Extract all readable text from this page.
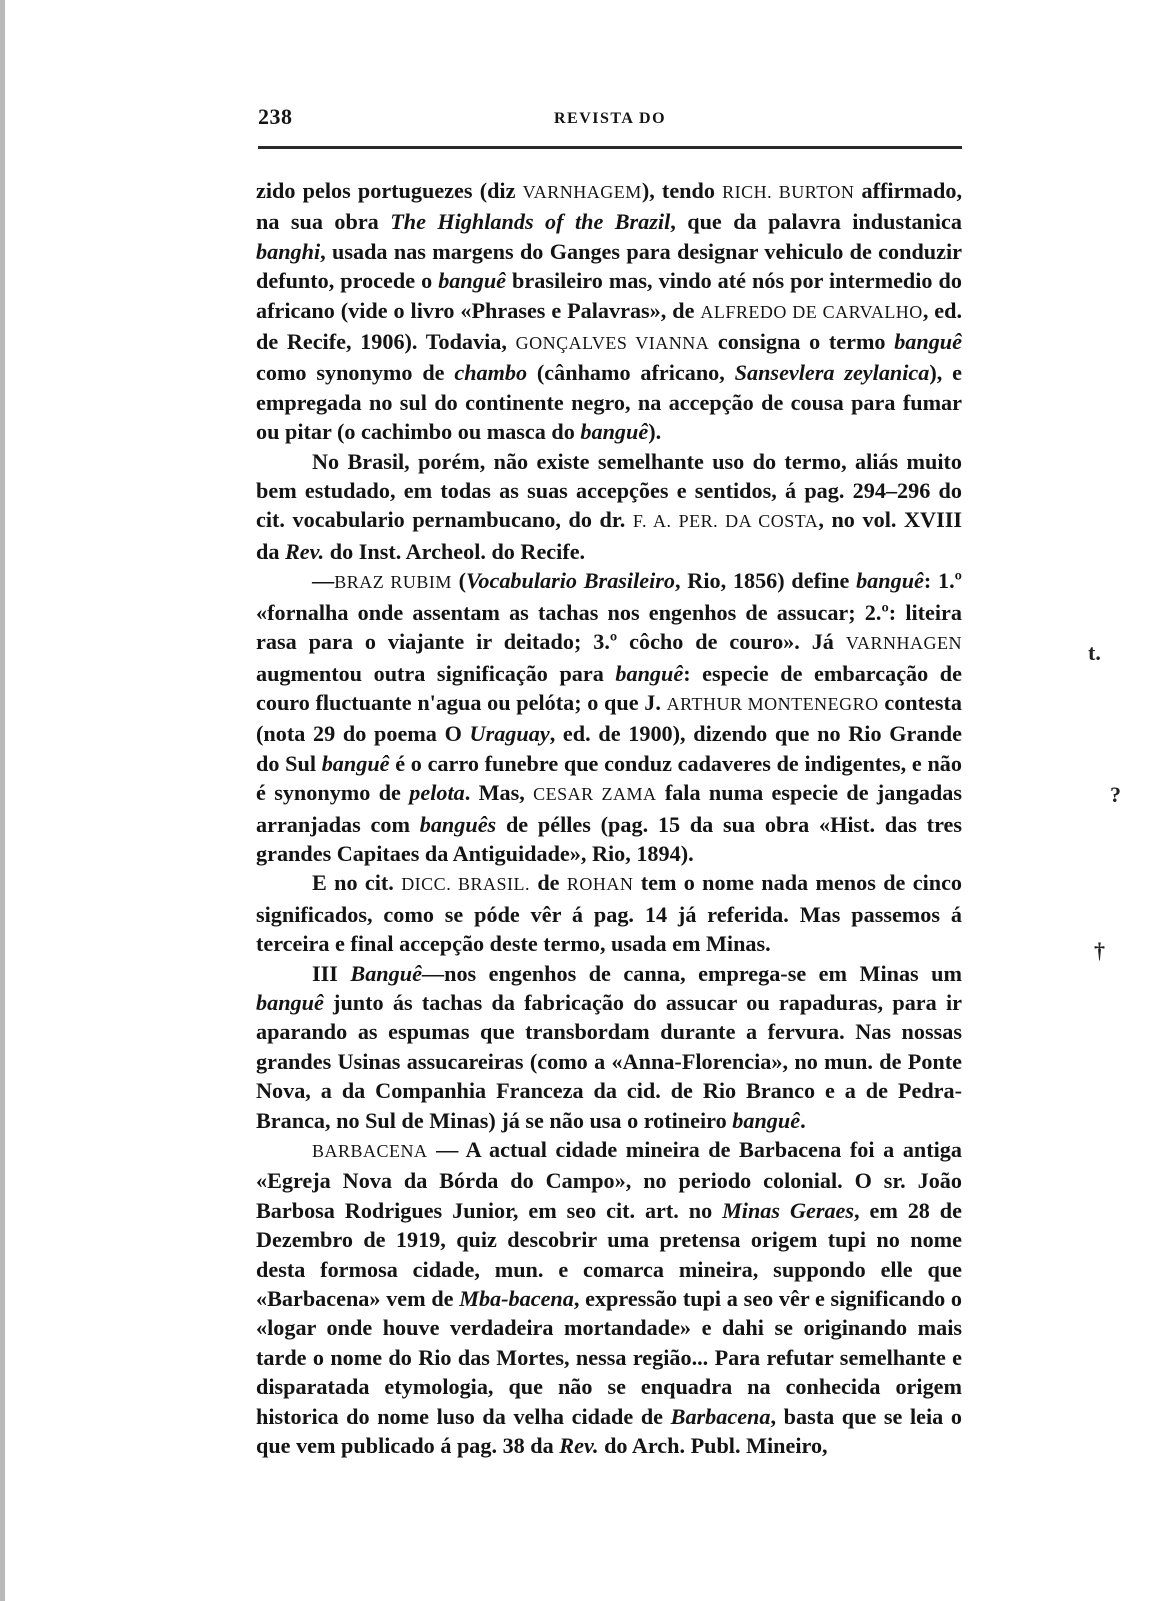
238	REVISTA DO

zido pelos portuguezes (diz VARNHAGEM), tendo RICH. BURTON affirmado, na sua obra The Highlands of the Brazil, que da palavra industanica banghi, usada nas margens do Ganges para designar vehiculo de conduzir defunto, procede o banguê brasileiro mas, vindo até nós por intermedio do africano (vide o livro «Phrases e Palavras», de ALFREDO DE CARVALHO, ed. de Recife, 1906). Todavia, GONÇALVES VIANNA consigna o termo banguê como synonymo de chambo (cânhamo africano, Sansevlera zeylanica), e empregada no sul do continente negro, na accepção de cousa para fumar ou pitar (o cachimbo ou masca do banguê).

No Brasil, porém, não existe semelhante uso do termo, aliás muito bem estudado, em todas as suas accepções e sentidos, á pag. 294–296 do cit. vocabulario pernambucano, do dr. F. A. PER. DA COSTA, no vol. XVIII da Rev. do Inst. Archeol. do Recife.

—BRAZ RUBIM (Vocabulario Brasileiro, Rio, 1856) define banguê: 1.º «fornalha onde assentam as tachas nos engenhos de assucar; 2.º: liteira rasa para o viajante ir deitado; 3.º côcho de couro». Já VARNHAGEN augmentou outra significação para banguê: especie de embarcação de couro fluctuante n'agua ou pelóta; o que J. ARTHUR MONTENEGRO contesta (nota 29 do poema O Uraguay, ed. de 1900), dizendo que no Rio Grande do Sul banguê é o carro funebre que conduz cadaveres de indigentes, e não é synonymo de pelota. Mas, CESAR ZAMA fala numa especie de jangadas arranjadas com banguês de pélles (pag. 15 da sua obra «Hist. das tres grandes Capitaes da Antiguidade», Rio, 1894).

E no cit. DICC. BRASIL. de ROHAN tem o nome nada menos de cinco significados, como se póde vêr á pag. 14 já referida. Mas passemos á terceira e final accepção deste termo, usada em Minas.

III Banguê—nos engenhos de canna, emprega-se em Minas um banguê junto ás tachas da fabricação do assucar ou rapaduras, para ir aparando as espumas que transbordam durante a fervura. Nas nossas grandes Usinas assucareiras (como a «Anna-Florencia», no mun. de Ponte Nova, a da Companhia Franceza da cid. de Rio Branco e a de Pedra-Branca, no Sul de Minas) já se não usa o rotineiro banguê.

BARBACENA — A actual cidade mineira de Barbacena foi a antiga «Egreja Nova da Bórda do Campo», no periodo colonial. O sr. João Barbosa Rodrigues Junior, em seo cit. art. no Minas Geraes, em 28 de Dezembro de 1919, quiz descobrir uma pretensa origem tupi no nome desta formosa cidade, mun. e comarca mineira, suppondo elle que «Barbacena» vem de Mba-bacena, expressão tupi a seo vêr e significando o «logar onde houve verdadeira mortandade» e dahi se originando mais tarde o nome do Rio das Mortes, nessa região... Para refutar semelhante e disparatada etymologia, que não se enquadra na conhecida origem historica do nome luso da velha cidade de Barbacena, basta que se leia o que vem publicado á pag. 38 da Rev. do Arch. Publ. Mineiro,

t.
?
†
